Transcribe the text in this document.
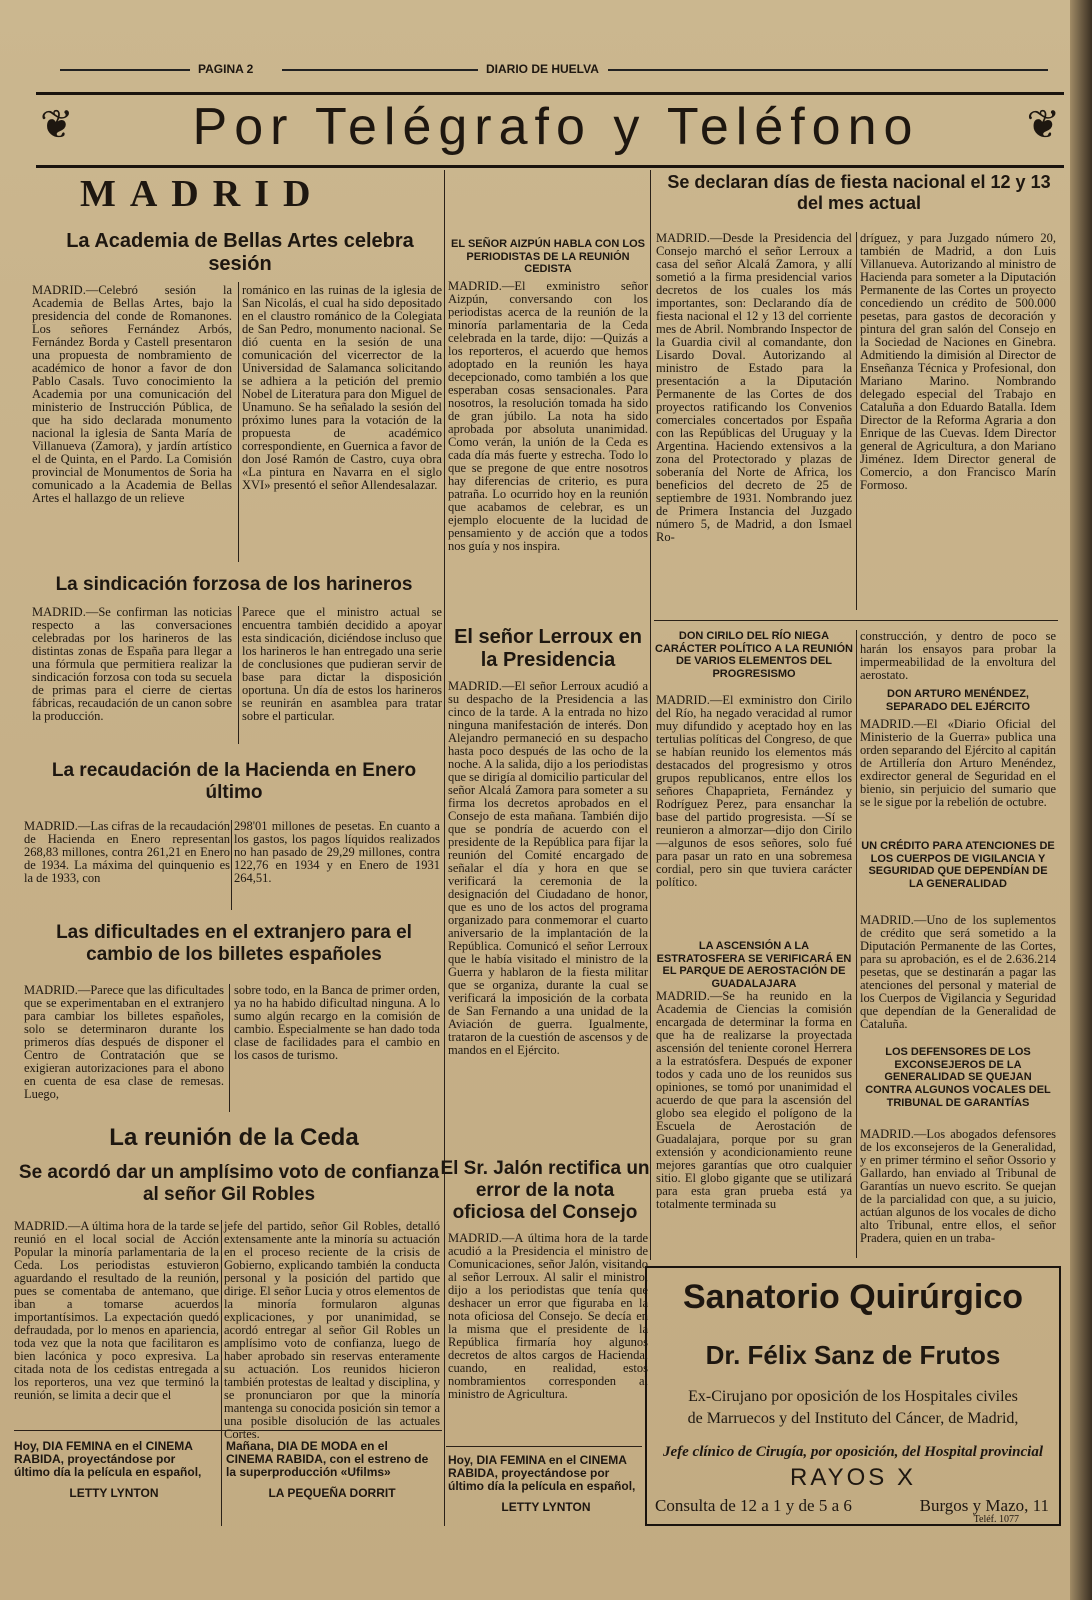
PAGINA 2	DIARIO DE HUELVA
❦	Por Telégrafo y Teléfono	❦
MADRID
La Academia de Bellas Artes celebra sesión
MADRID.—Celebró sesión la Academia de Bellas Artes, bajo la presidencia del conde de Romanones. Los señores Fernández Arbós, Fernández Borda y Castell presentaron una propuesta de nombramiento de académico de honor a favor de don Pablo Casals. Tuvo conocimiento la Academia por una comunicación del ministerio de Instrucción Pública, de que ha sido declarada monumento nacional la iglesia de Santa María de Villanueva (Zamora), y jardín artístico el de Quinta, en el Pardo. La Comisión provincial de Monumentos de Soria ha comunicado a la Academia de Bellas Artes el hallazgo de un relieve
románico en las ruinas de la iglesia de San Nicolás, el cual ha sido depositado en el claustro románico de la Colegiata de San Pedro, monumento nacional. Se dió cuenta en la sesión de una comunicación del vicerrector de la Universidad de Salamanca solicitando se adhiera a la petición del premio Nobel de Literatura para don Miguel de Unamuno. Se ha señalado la sesión del próximo lunes para la votación de la propuesta de académico correspondiente, en Guernica a favor de don José Ramón de Castro, cuya obra «La pintura en Navarra en el siglo XVI» presentó el señor Allendesalazar.
La sindicación forzosa de los harineros
MADRID.—Se confirman las noticias respecto a las conversaciones celebradas por los harineros de las distintas zonas de España para llegar a una fórmula que permitiera realizar la sindicación forzosa con toda su secuela de primas para el cierre de ciertas fábricas, recaudación de un canon sobre la producción.
Parece que el ministro actual se encuentra también decidido a apoyar esta sindicación, diciéndose incluso que los harineros le han entregado una serie de conclusiones que pudieran servir de base para dictar la disposición oportuna. Un día de estos los harineros se reunirán en asamblea para tratar sobre el particular.
La recaudación de la Hacienda en Enero último
MADRID.—Las cifras de la recaudación de Hacienda en Enero representan 268,83 millones, contra 261,21 en Enero de 1934. La máxima del quinquenio es la de 1933, con
298'01 millones de pesetas. En cuanto a los gastos, los pagos líquidos realizados no han pasado de 29,29 millones, contra 122,76 en 1934 y en Enero de 1931 264,51.
Las dificultades en el extranjero para el cambio de los billetes españoles
MADRID.—Parece que las dificultades que se experimentaban en el extranjero para cambiar los billetes españoles, solo se determinaron durante los primeros días después de disponer el Centro de Contratación que se exigieran autorizaciones para el abono en cuenta de esa clase de remesas. Luego,
sobre todo, en la Banca de primer orden, ya no ha habido dificultad ninguna. A lo sumo algún recargo en la comisión de cambio. Especialmente se han dado toda clase de facilidades para el cambio en los casos de turismo.
La reunión de la Ceda
Se acordó dar un amplísimo voto de confianza al señor Gil Robles
MADRID.—A última hora de la tarde se reunió en el local social de Acción Popular la minoría parlamentaria de la Ceda. Los periodistas estuvieron aguardando el resultado de la reunión, pues se comentaba de antemano, que iban a tomarse acuerdos importantísimos. La expectación quedó defraudada, por lo menos en apariencia, toda vez que la nota que facilitaron es bien lacónica y poco expresiva. La citada nota de los cedistas entregada a los reporteros, una vez que terminó la reunión, se limita a decir que el
jefe del partido, señor Gil Robles, detalló extensamente ante la minoría su actuación en el proceso reciente de la crisis de Gobierno, explicando también la conducta personal y la posición del partido que dirige. El señor Lucia y otros elementos de la minoría formularon algunas explicaciones, y por unanimidad, se acordó entregar al señor Gil Robles un amplísimo voto de confianza, luego de haber aprobado sin reservas enteramente su actuación. Los reunidos hicieron también protestas de lealtad y disciplina, y se pronunciaron por que la minoría mantenga su conocida posición sin temor a una posible disolución de las actuales Cortes.
Hoy, DIA FEMINA en el CINEMA RABIDA, proyectándose por último día la película en español,
LETTY LYNTON
Mañana, DIA DE MODA en el CINEMA RABIDA, con el estreno de la superproducción «Ufilms»
LA PEQUEÑA DORRIT
EL SEÑOR AIZPÚN HABLA CON LOS PERIODISTAS DE LA REUNIÓN CEDISTA
MADRID.—El exministro señor Aizpún, conversando con los periodistas acerca de la reunión de la minoría parlamentaria de la Ceda celebrada en la tarde, dijo: —Quizás a los reporteros, el acuerdo que hemos adoptado en la reunión les haya decepcionado, como también a los que esperaban cosas sensacionales. Para nosotros, la resolución tomada ha sido de gran júbilo. La nota ha sido aprobada por absoluta unanimidad. Como verán, la unión de la Ceda es cada día más fuerte y estrecha. Todo lo que se pregone de que entre nosotros hay diferencias de criterio, es pura patraña. Lo ocurrido hoy en la reunión que acabamos de celebrar, es un ejemplo elocuente de la lucidad de pensamiento y de acción que a todos nos guía y nos inspira.
El señor Lerroux en la Presidencia
MADRID.—El señor Lerroux acudió a su despacho de la Presidencia a las cinco de la tarde. A la entrada no hizo ninguna manifestación de interés. Don Alejandro permaneció en su despacho hasta poco después de las ocho de la noche. A la salida, dijo a los periodistas que se dirigía al domicilio particular del señor Alcalá Zamora para someter a su firma los decretos aprobados en el Consejo de esta mañana. También dijo que se pondría de acuerdo con el presidente de la República para fijar la reunión del Comité encargado de señalar el día y hora en que se verificará la ceremonia de la designación del Ciudadano de honor, que es uno de los actos del programa organizado para conmemorar el cuarto aniversario de la implantación de la República. Comunicó el señor Lerroux que le había visitado el ministro de la Guerra y hablaron de la fiesta militar que se organiza, durante la cual se verificará la imposición de la corbata de San Fernando a una unidad de la Aviación de guerra. Igualmente, trataron de la cuestión de ascensos y de mandos en el Ejército.
El Sr. Jalón rectifica un error de la nota oficiosa del Consejo
MADRID.—A última hora de la tarde acudió a la Presidencia el ministro de Comunicaciones, señor Jalón, visitando al señor Lerroux. Al salir el ministro, dijo a los periodistas que tenía que deshacer un error que figuraba en la nota oficiosa del Consejo. Se decía en la misma que el presidente de la República firmaría hoy algunos decretos de altos cargos de Hacienda, cuando, en realidad, estos nombramientos corresponden al ministro de Agricultura.
Hoy, DIA FEMINA en el CINEMA RABIDA, proyectándose por último día la película en español,
LETTY LYNTON
Se declaran días de fiesta nacional el 12 y 13 del mes actual
MADRID.—Desde la Presidencia del Consejo marchó el señor Lerroux a casa del señor Alcalá Zamora, y allí sometió a la firma presidencial varios decretos de los cuales los más importantes, son: Declarando día de fiesta nacional el 12 y 13 del corriente mes de Abril. Nombrando Inspector de la Guardia civil al comandante, don Lisardo Doval. Autorizando al ministro de Estado para la presentación a la Diputación Permanente de las Cortes de dos proyectos ratificando los Convenios comerciales concertados por España con las Repúblicas del Uruguay y la Argentina. Haciendo extensivos a la zona del Protectorado y plazas de soberanía del Norte de Africa, los beneficios del decreto de 25 de septiembre de 1931. Nombrando juez de Primera Instancia del Juzgado número 5, de Madrid, a don Ismael Ro-
dríguez, y para Juzgado número 20, también de Madrid, a don Luis Villanueva. Autorizando al ministro de Hacienda para someter a la Diputación Permanente de las Cortes un proyecto concediendo un crédito de 500.000 pesetas, para gastos de decoración y pintura del gran salón del Consejo en la Sociedad de Naciones en Ginebra. Admitiendo la dimisión al Director de Enseñanza Técnica y Profesional, don Mariano Marino. Nombrando delegado especial del Trabajo en Cataluña a don Eduardo Batalla. Idem Director de la Reforma Agraria a don Enrique de las Cuevas. Idem Director general de Agricultura, a don Mariano Jiménez. Idem Director general de Comercio, a don Francisco Marín Formoso.
DON CIRILO DEL RÍO NIEGA CARÁCTER POLÍTICO A LA REUNIÓN DE VARIOS ELEMENTOS DEL PROGRESISMO
MADRID.—El exministro don Cirilo del Río, ha negado veracidad al rumor muy difundido y aceptado hoy en las tertulias políticas del Congreso, de que se habían reunido los elementos más destacados del progresismo y otros grupos republicanos, entre ellos los señores Chapaprieta, Fernández y Rodríguez Perez, para ensanchar la base del partido progresista. —Sí se reunieron a almorzar—dijo don Cirilo—algunos de esos señores, solo fué para pasar un rato en una sobremesa cordial, pero sin que tuviera carácter político.
LA ASCENSIÓN A LA ESTRATOSFERA SE VERIFICARÁ EN EL PARQUE DE AEROSTACIÓN DE GUADALAJARA
MADRID.—Se ha reunido en la Academia de Ciencias la comisión encargada de determinar la forma en que ha de realizarse la proyectada ascensión del teniente coronel Herrera a la estratósfera. Después de exponer todos y cada uno de los reunidos sus opiniones, se tomó por unanimidad el acuerdo de que para la ascensión del globo sea elegido el polígono de la Escuela de Aerostación de Guadalajara, porque por su gran extensión y acondicionamiento reune mejores garantías que otro cualquier sitio. El globo gigante que se utilizará para esta gran prueba está ya totalmente terminada su
construcción, y dentro de poco se harán los ensayos para probar la impermeabilidad de la envoltura del aerostato.
DON ARTURO MENÉNDEZ, SEPARADO DEL EJÉRCITO
MADRID.—El «Diario Oficial del Ministerio de la Guerra» publica una orden separando del Ejército al capitán de Artillería don Arturo Menéndez, exdirector general de Seguridad en el bienio, sin perjuicio del sumario que se le sigue por la rebelión de octubre.
UN CRÉDITO PARA ATENCIONES DE LOS CUERPOS DE VIGILANCIA Y SEGURIDAD QUE DEPENDÍAN DE LA GENERALIDAD
MADRID.—Uno de los suplementos de crédito que será sometido a la Diputación Permanente de las Cortes, para su aprobación, es el de 2.636.214 pesetas, que se destinarán a pagar las atenciones del personal y material de los Cuerpos de Vigilancia y Seguridad que dependían de la Generalidad de Cataluña.
LOS DEFENSORES DE LOS EXCONSEJEROS DE LA GENERALIDAD SE QUEJAN CONTRA ALGUNOS VOCALES DEL TRIBUNAL DE GARANTÍAS
MADRID.—Los abogados defensores de los exconsejeros de la Generalidad, y en primer término el señor Ossorio y Gallardo, han enviado al Tribunal de Garantías un nuevo escrito. Se quejan de la parcialidad con que, a su juicio, actúan algunos de los vocales de dicho alto Tribunal, entre ellos, el señor Pradera, quien en un traba-
Sanatorio Quirúrgico
Dr. Félix Sanz de Frutos
Ex-Cirujano por oposición de los Hospitales civiles
de Marruecos y del Instituto del Cáncer, de Madrid,
Jefe clínico de Cirugía, por oposición, del Hospital provincial
RAYOS X
Consulta de 12 a 1 y de 5 a 6	Burgos y Mazo, 11
Teléf. 1077
